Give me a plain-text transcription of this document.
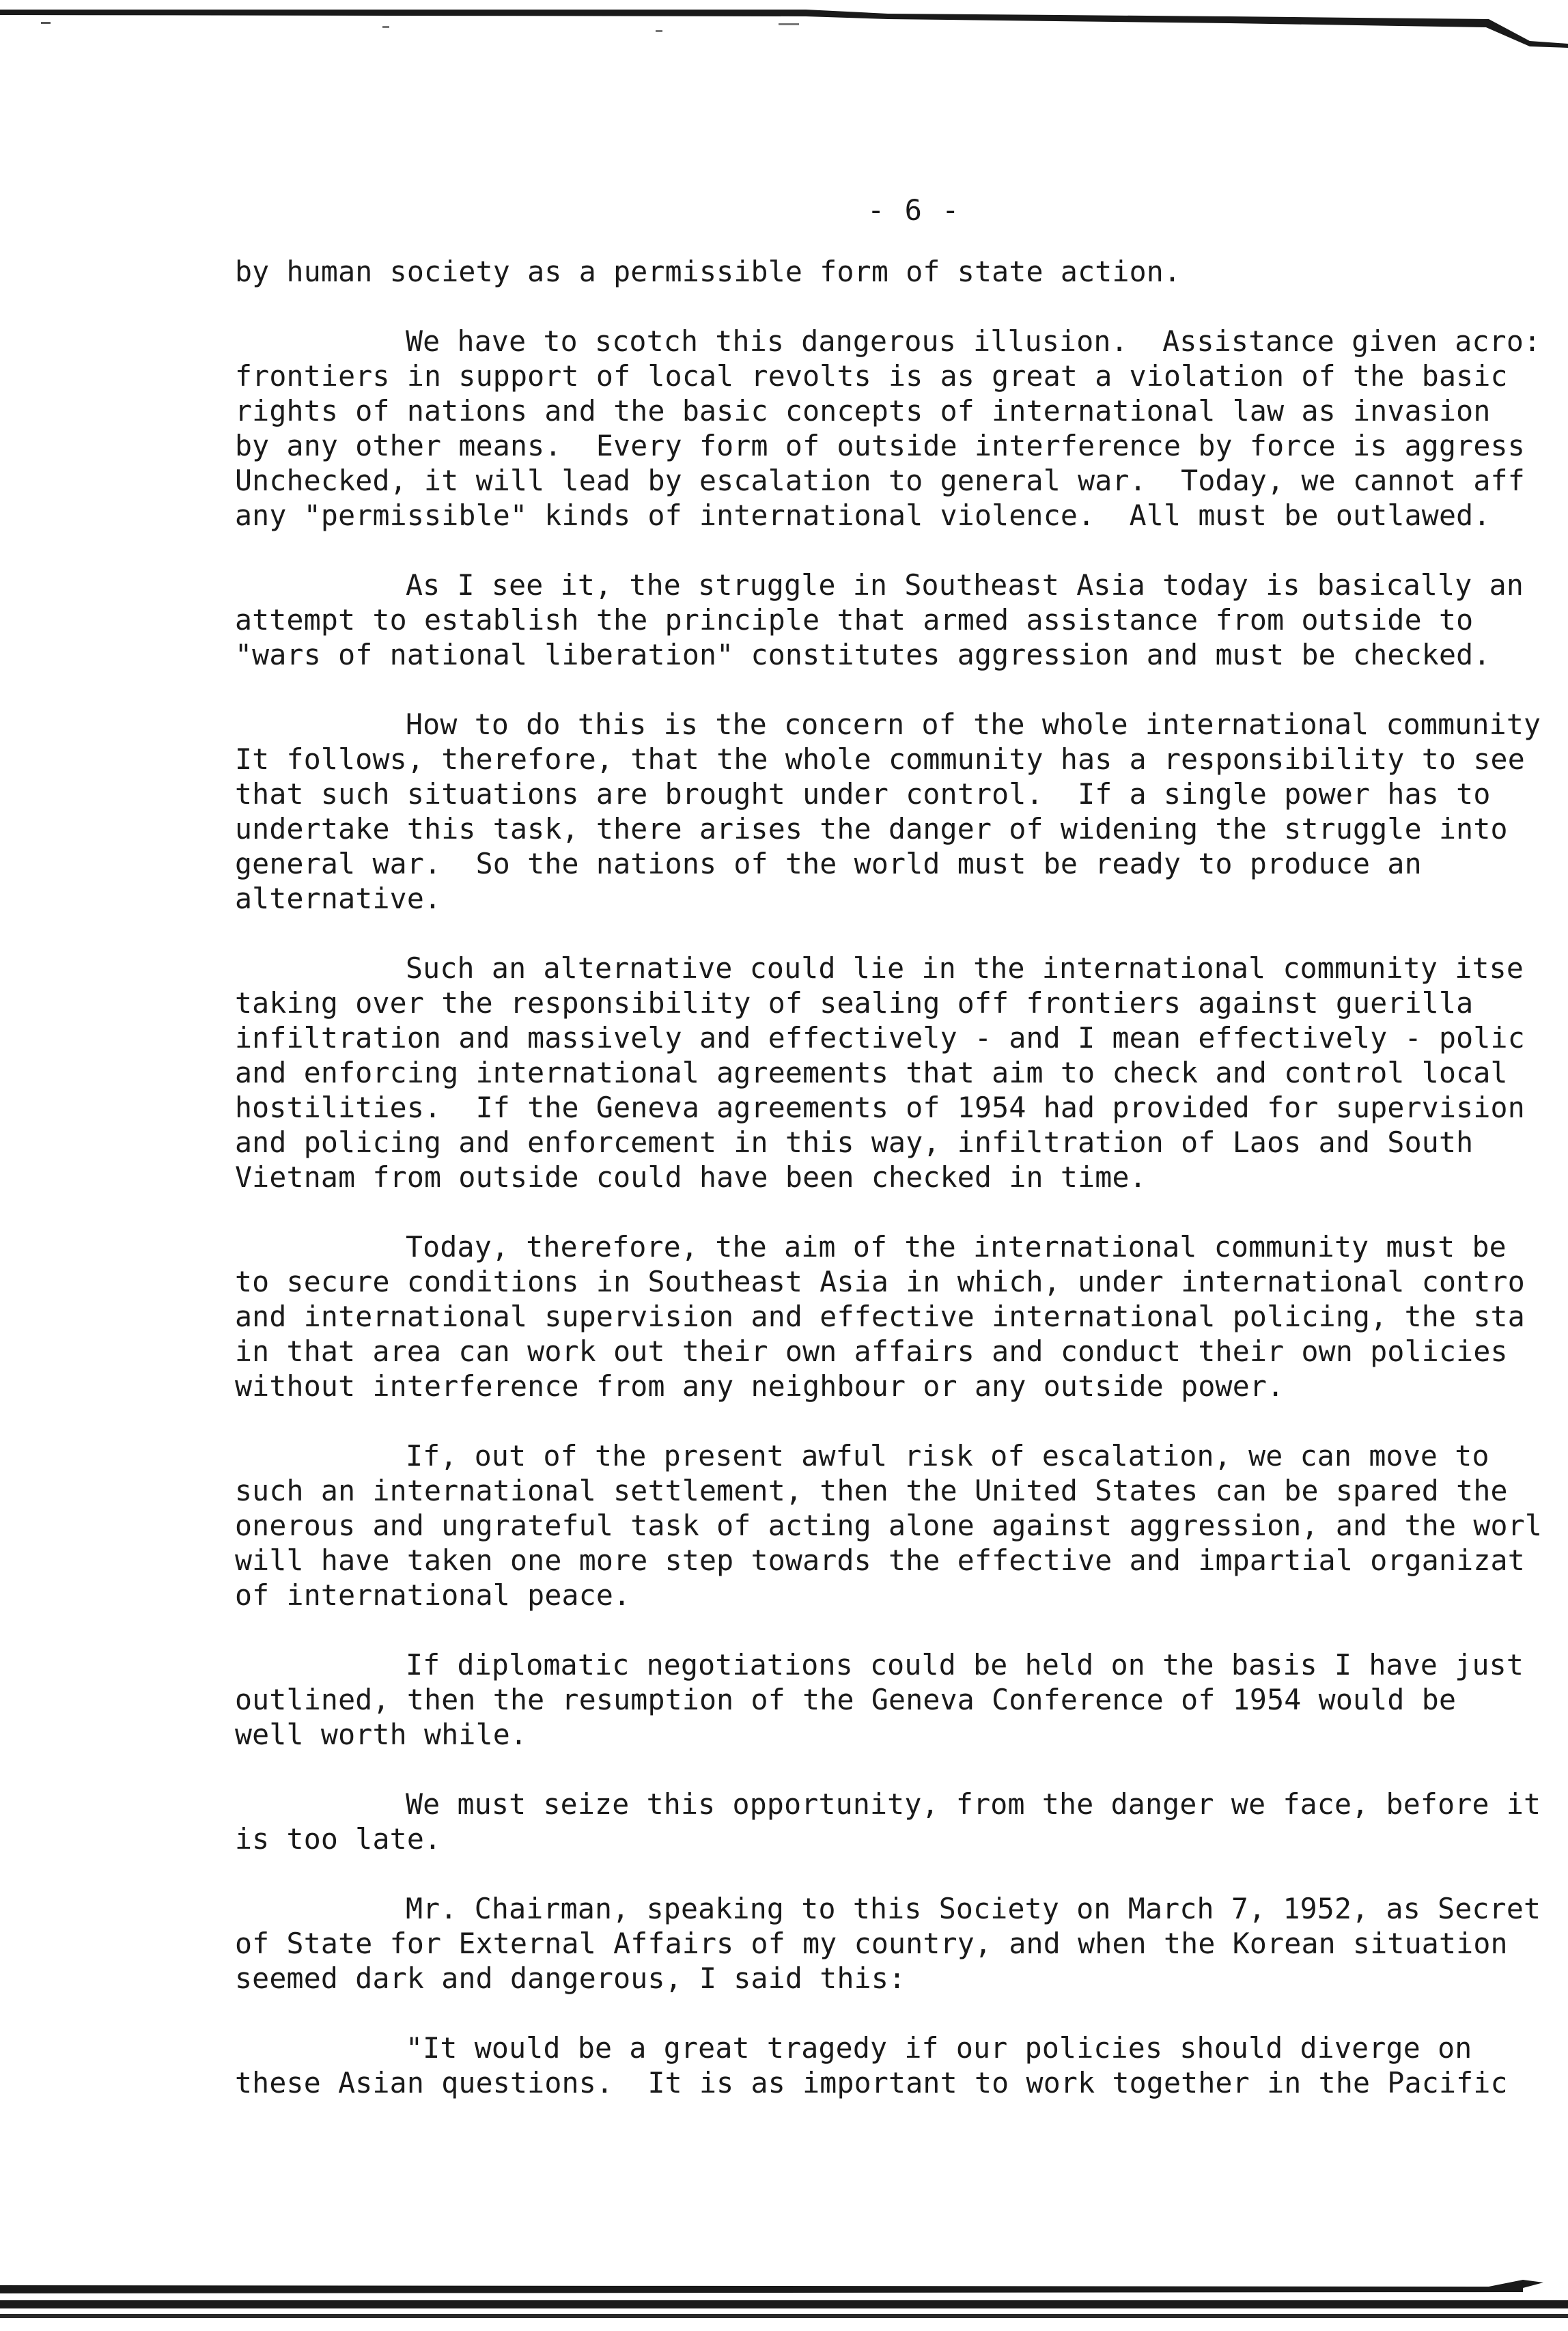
- 6 -
by human society as a permissible form of state action.
We have to scotch this dangerous illusion.  Assistance given acro:
frontiers in support of local revolts is as great a violation of the basic
rights of nations and the basic concepts of international law as invasion
by any other means.  Every form of outside interference by force is aggress
Unchecked, it will lead by escalation to general war.  Today, we cannot aff
any "permissible" kinds of international violence.  All must be outlawed.
As I see it, the struggle in Southeast Asia today is basically an
attempt to establish the principle that armed assistance from outside to
"wars of national liberation" constitutes aggression and must be checked.
How to do this is the concern of the whole international community
It follows, therefore, that the whole community has a responsibility to see
that such situations are brought under control.  If a single power has to
undertake this task, there arises the danger of widening the struggle into
general war.  So the nations of the world must be ready to produce an
alternative.
Such an alternative could lie in the international community itse
taking over the responsibility of sealing off frontiers against guerilla
infiltration and massively and effectively - and I mean effectively - polic
and enforcing international agreements that aim to check and control local
hostilities.  If the Geneva agreements of 1954 had provided for supervision
and policing and enforcement in this way, infiltration of Laos and South
Vietnam from outside could have been checked in time.
Today, therefore, the aim of the international community must be
to secure conditions in Southeast Asia in which, under international contro
and international supervision and effective international policing, the sta
in that area can work out their own affairs and conduct their own policies
without interference from any neighbour or any outside power.
If, out of the present awful risk of escalation, we can move to
such an international settlement, then the United States can be spared the
onerous and ungrateful task of acting alone against aggression, and the worl
will have taken one more step towards the effective and impartial organizat
of international peace.
If diplomatic negotiations could be held on the basis I have just
outlined, then the resumption of the Geneva Conference of 1954 would be
well worth while.
We must seize this opportunity, from the danger we face, before it
is too late.
Mr. Chairman, speaking to this Society on March 7, 1952, as Secret
of State for External Affairs of my country, and when the Korean situation
seemed dark and dangerous, I said this:
"It would be a great tragedy if our policies should diverge on
these Asian questions.  It is as important to work together in the Pacific
